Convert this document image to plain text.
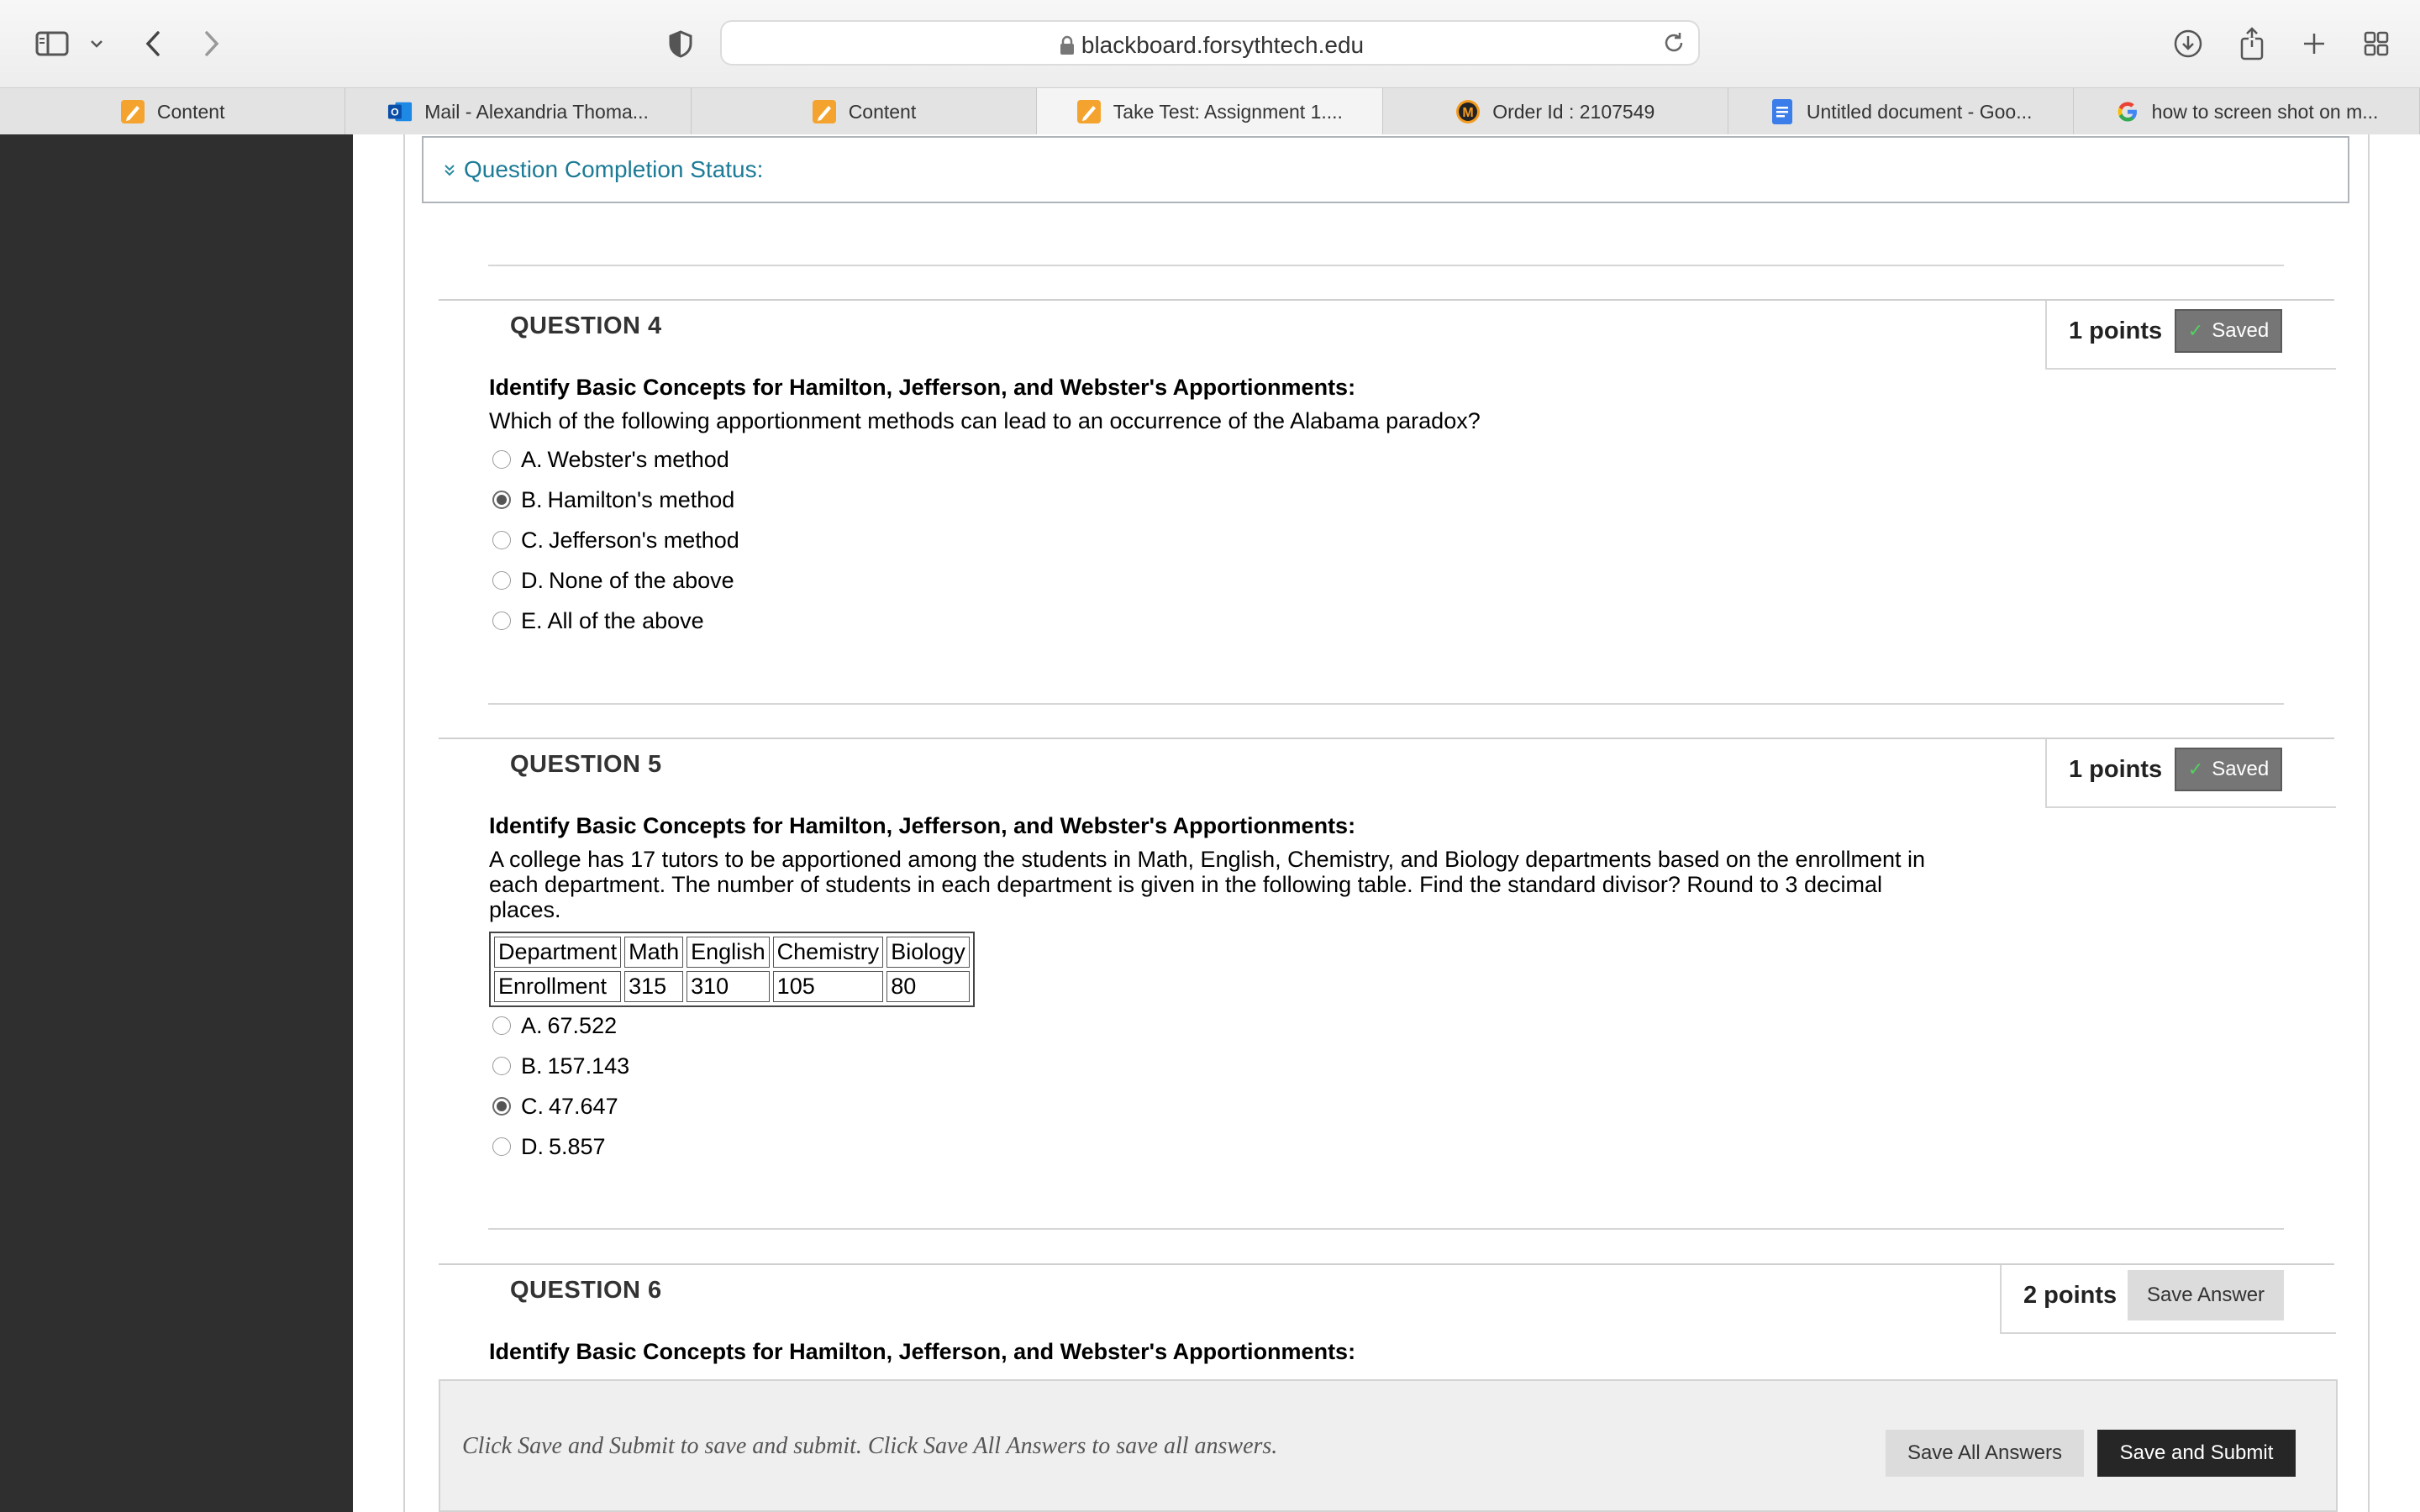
blackboard.forsythtech.edu
Content	O Mail - Alexandria Thoma...	Content	Take Test: Assignment 1....	M Order Id : 2107549	Untitled document - Goo...	how to screen shot on m...
Question Completion Status:
QUESTION 4	1 points ✓ Saved
Identify Basic Concepts for Hamilton, Jefferson, and Webster's Apportionments:
Which of the following apportionment methods can lead to an occurrence of the Alabama paradox?
A. Webster's method
B. Hamilton's method
C. Jefferson's method
D. None of the above
E. All of the above
QUESTION 5	1 points ✓ Saved
Identify Basic Concepts for Hamilton, Jefferson, and Webster's Apportionments:
A college has 17 tutors to be apportioned among the students in Math, English, Chemistry, and Biology departments based on the enrollment in
each department. The number of students in each department is given in the following table. Find the standard divisor? Round to 3 decimal
places.
Department	Math	English	Chemistry	Biology
Enrollment	315	310	105	80
A. 67.522
B. 157.143
C. 47.647
D. 5.857
QUESTION 6	2 points	Save Answer
Identify Basic Concepts for Hamilton, Jefferson, and Webster's Apportionments:
Click Save and Submit to save and submit. Click Save All Answers to save all answers.	Save All Answers	Save and Submit
